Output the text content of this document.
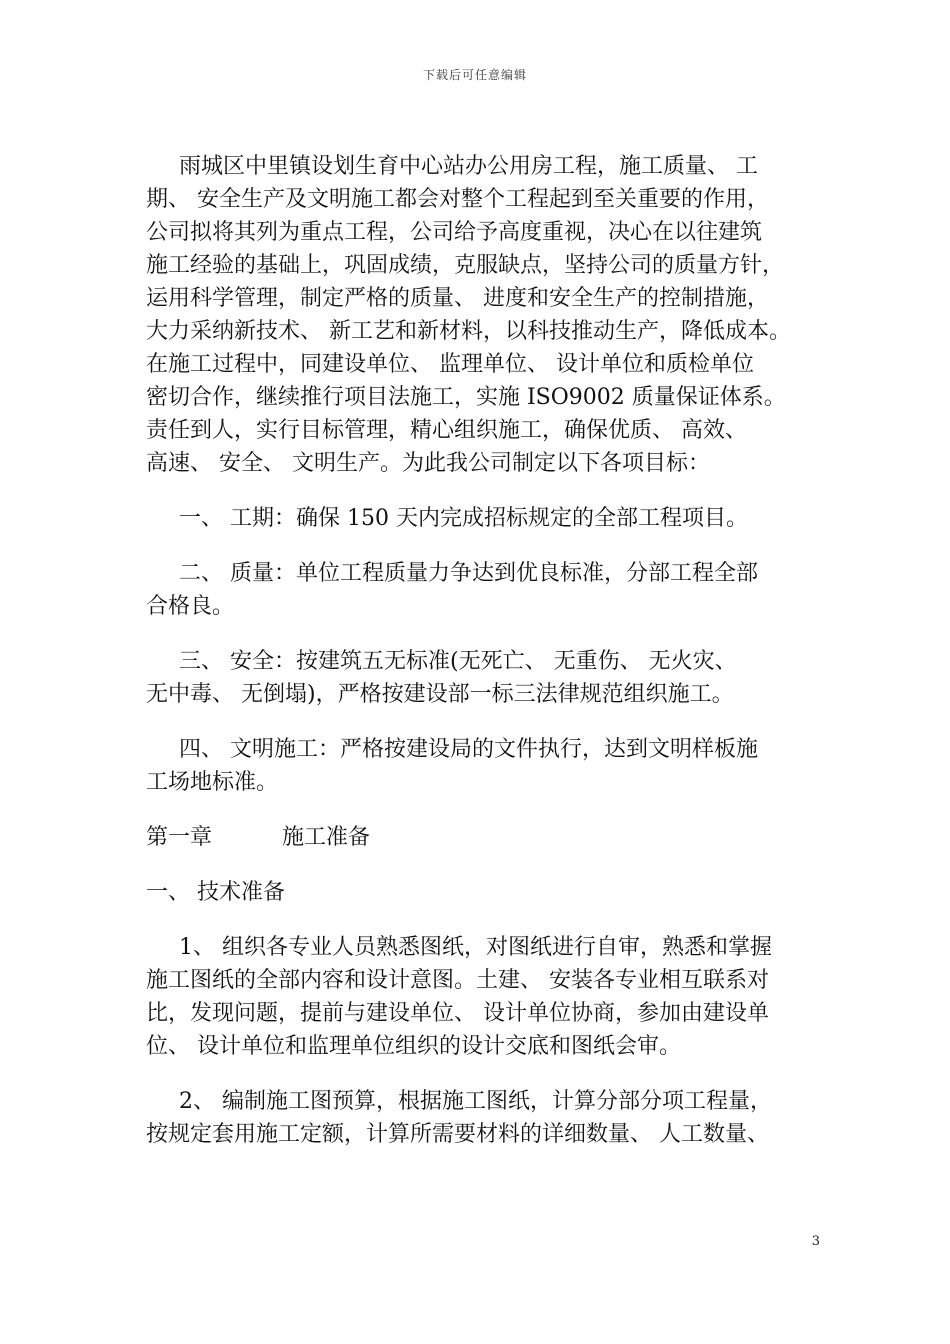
下载后可任意编辑

雨城区中里镇设划生育中心站办公用房工程，施工质量、 工
期、 安全生产及文明施工都会对整个工程起到至关重要的作用，
公司拟将其列为重点工程，公司给予高度重视，决心在以往建筑
施工经验的基础上，巩固成绩，克服缺点，坚持公司的质量方针，
运用科学管理，制定严格的质量、 进度和安全生产的控制措施，
大力采纳新技术、 新工艺和新材料，以科技推动生产，降低成本。
在施工过程中，同建设单位、 监理单位、 设计单位和质检单位
密切合作，继续推行项目法施工，实施 ISO9002 质量保证体系。
责任到人，实行目标管理，精心组织施工，确保优质、 高效、
高速、 安全、 文明生产。为此我公司制定以下各项目标：

一、 工期：确保 150 天内完成招标规定的全部工程项目。

二、 质量：单位工程质量力争达到优良标准，分部工程全部
合格良。

三、 安全：按建筑五无标准(无死亡、 无重伤、 无火灾、
无中毒、 无倒塌)，严格按建设部一标三法律规范组织施工。

四、 文明施工：严格按建设局的文件执行，达到文明样板施
工场地标准。

第一章	施工准备

一、 技术准备

1、 组织各专业人员熟悉图纸，对图纸进行自审，熟悉和掌握
施工图纸的全部内容和设计意图。土建、 安装各专业相互联系对
比，发现问题，提前与建设单位、 设计单位协商，参加由建设单
位、 设计单位和监理单位组织的设计交底和图纸会审。

2、 编制施工图预算，根据施工图纸，计算分部分项工程量，
按规定套用施工定额，计算所需要材料的详细数量、 人工数量、

3
